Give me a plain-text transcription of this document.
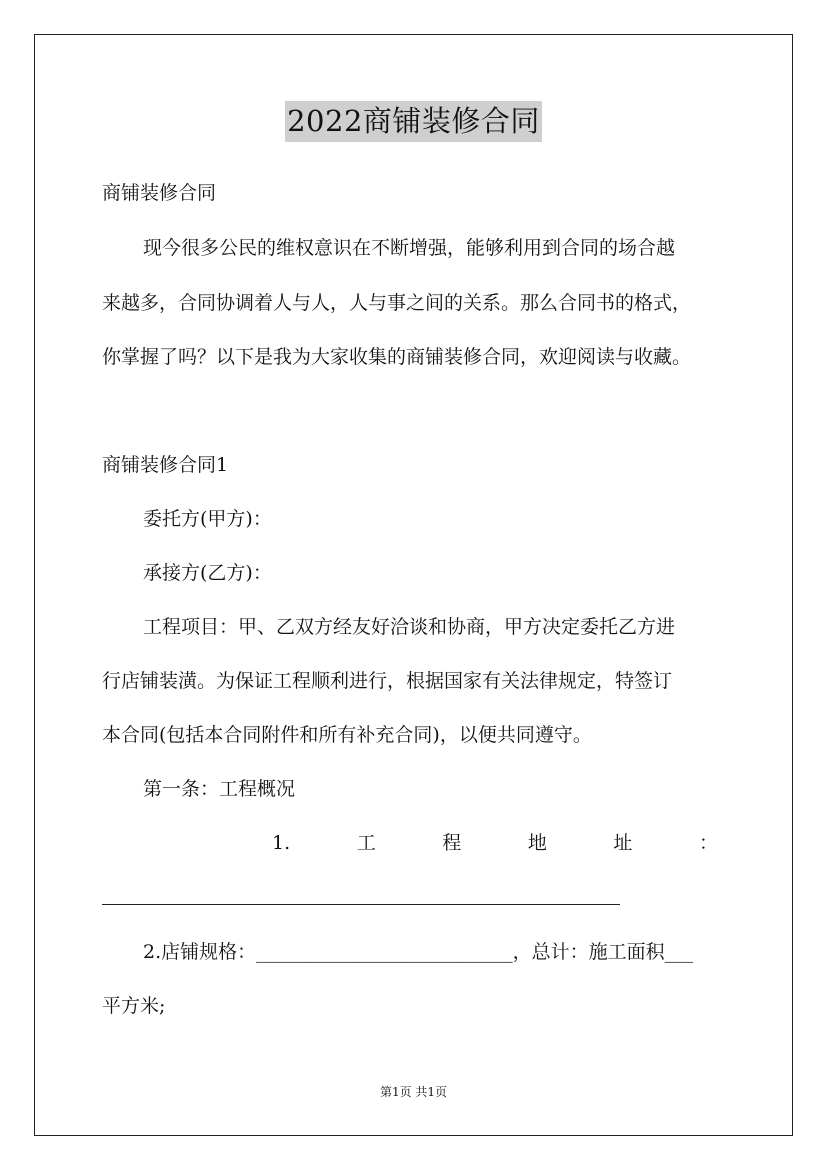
2022商铺装修合同
商铺装修合同
现今很多公民的维权意识在不断增强，能够利用到合同的场合越
来越多，合同协调着人与人，人与事之间的关系。那么合同书的格式，
你掌握了吗？以下是我为大家收集的商铺装修合同，欢迎阅读与收藏。
商铺装修合同1
委托方(甲方)：
承接方(乙方)：
工程项目：甲、乙双方经友好洽谈和协商，甲方决定委托乙方进
行店铺装潢。为保证工程顺利进行，根据国家有关法律规定，特签订
本合同(包括本合同附件和所有补充合同)，以便共同遵守。
第一条：工程概况
1.	工	程	地	址	：
2.店铺规格：___________________________，总计：施工面积___
平方米;
第1页 共1页
